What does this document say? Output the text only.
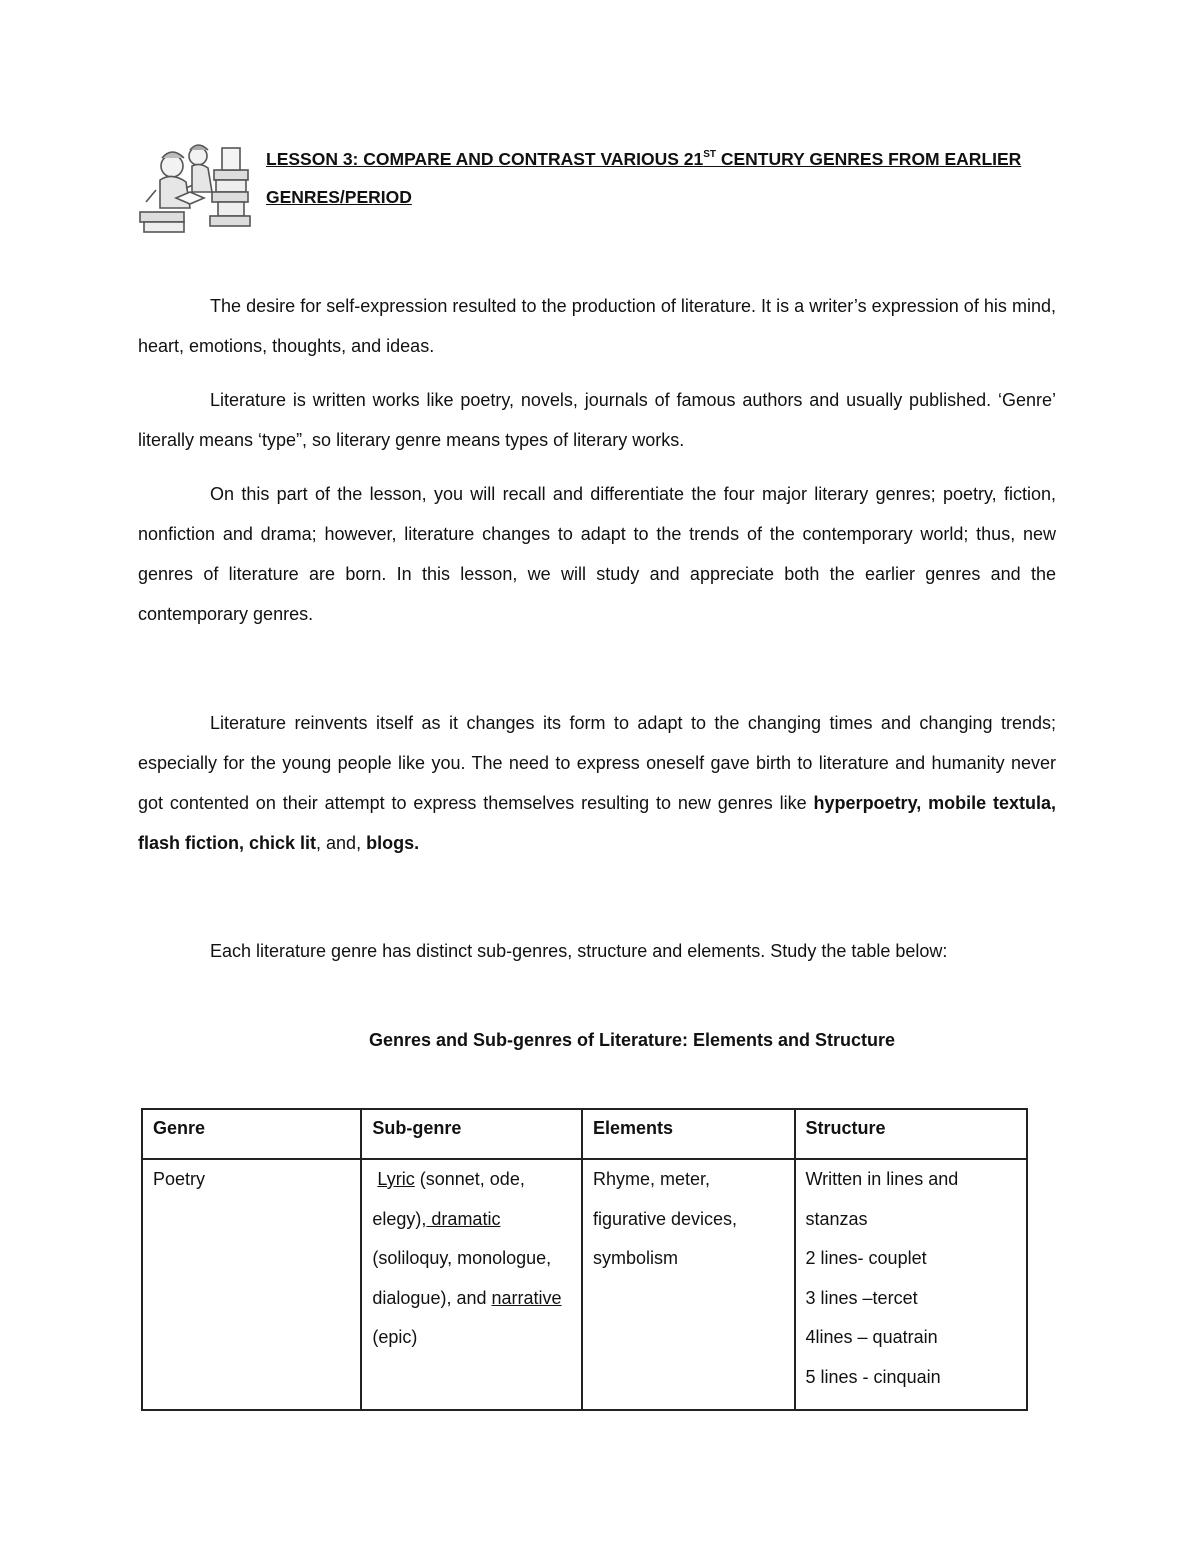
LESSON 3: COMPARE AND CONTRAST VARIOUS 21ST CENTURY GENRES FROM EARLIER GENRES/PERIOD

The desire for self-expression resulted to the production of literature. It is a writer’s expression of his mind, heart, emotions, thoughts, and ideas.

Literature is written works like poetry, novels, journals of famous authors and usually published. ‘Genre’ literally means ‘type”, so literary genre means types of literary works.

On this part of the lesson, you will recall and differentiate the four major literary genres; poetry, fiction, nonfiction and drama; however, literature changes to adapt to the trends of the contemporary world; thus, new genres of literature are born. In this lesson, we will study and appreciate both the earlier genres and the contemporary genres.

Literature reinvents itself as it changes its form to adapt to the changing times and changing trends; especially for the young people like you. The need to express oneself gave birth to literature and humanity never got contented on their attempt to express themselves resulting to new genres like hyperpoetry, mobile textula, flash fiction, chick lit, and, blogs.

Each literature genre has distinct sub-genres, structure and elements. Study the table below:

Genres and Sub-genres of Literature: Elements and Structure
Genre	Sub-genre	Elements	Structure
Poetry	Lyric (sonnet, ode, elegy), dramatic (soliloquy, monologue, dialogue), and narrative (epic)	Rhyme, meter, figurative devices, symbolism	Written in lines and stanzas
2 lines- couplet
3 lines –tercet
4lines – quatrain
5 lines - cinquain
